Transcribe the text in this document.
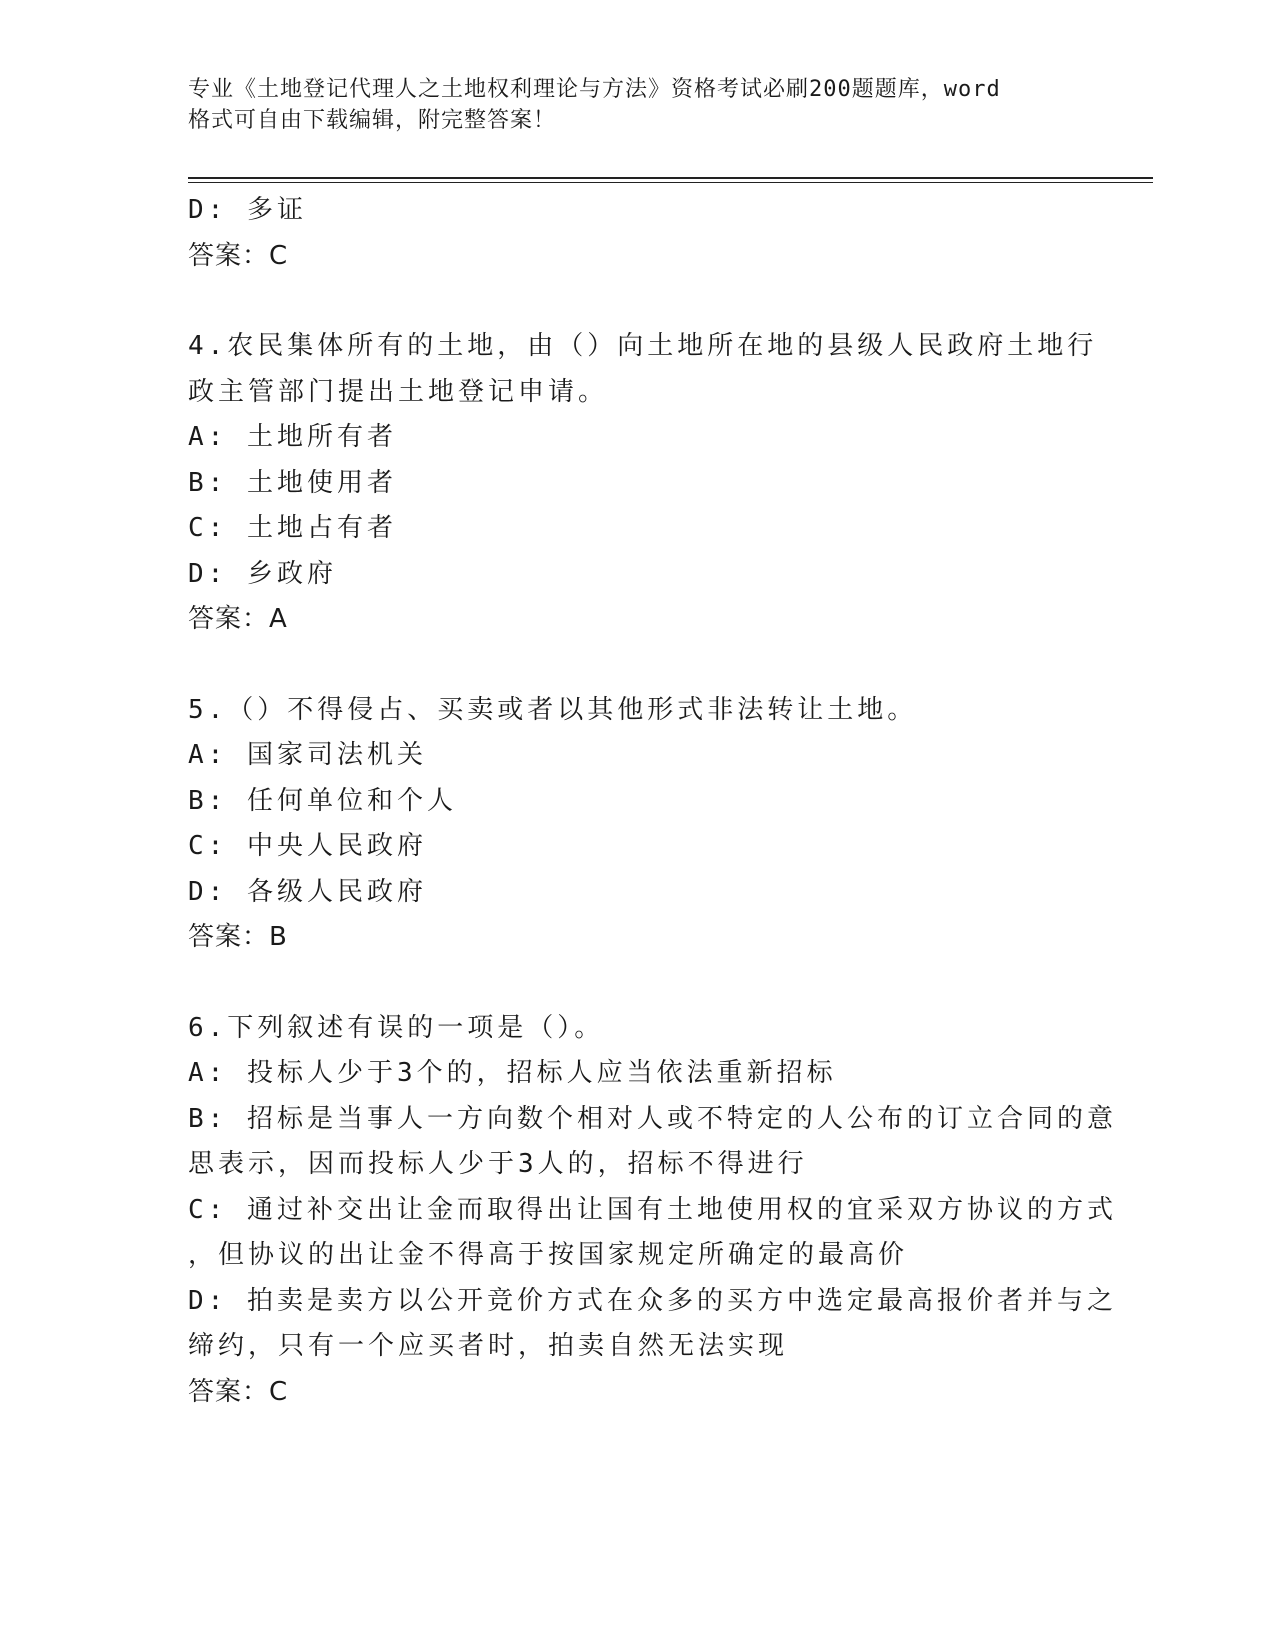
专业《土地登记代理人之土地权利理论与方法》资格考试必刷200题题库，word
格式可自由下载编辑，附完整答案！
D: 多证
答案：C
4.农民集体所有的土地，由（）向土地所在地的县级人民政府土地行
政主管部门提出土地登记申请。
A: 土地所有者
B: 土地使用者
C: 土地占有者
D: 乡政府
答案：A
5.（）不得侵占、买卖或者以其他形式非法转让土地。
A: 国家司法机关
B: 任何单位和个人
C: 中央人民政府
D: 各级人民政府
答案：B
6.下列叙述有误的一项是（）。
A: 投标人少于3个的，招标人应当依法重新招标
B: 招标是当事人一方向数个相对人或不特定的人公布的订立合同的意
思表示，因而投标人少于3人的，招标不得进行
C: 通过补交出让金而取得出让国有土地使用权的宜采双方协议的方式
，但协议的出让金不得高于按国家规定所确定的最高价
D: 拍卖是卖方以公开竞价方式在众多的买方中选定最高报价者并与之
缔约，只有一个应买者时，拍卖自然无法实现
答案：C
